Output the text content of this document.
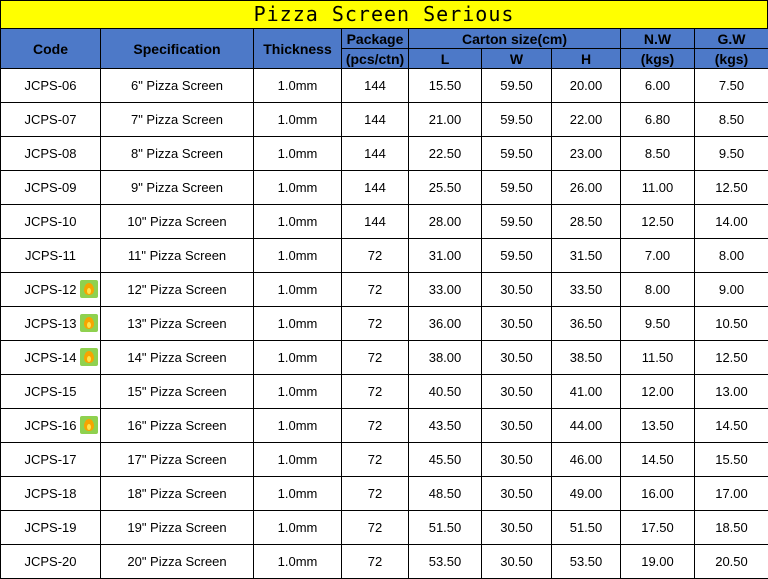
Pizza Screen Serious
Code	Specification	Thickness	Package	Carton size(cm)			N.W	G.W
			(pcs/ctn)	L	W	H	(kgs)	(kgs)
JCPS-06	6" Pizza Screen	1.0mm	144	15.50	59.50	20.00	6.00	7.50
JCPS-07	7" Pizza Screen	1.0mm	144	21.00	59.50	22.00	6.80	8.50
JCPS-08	8" Pizza Screen	1.0mm	144	22.50	59.50	23.00	8.50	9.50
JCPS-09	9" Pizza Screen	1.0mm	144	25.50	59.50	26.00	11.00	12.50
JCPS-10	10" Pizza Screen	1.0mm	144	28.00	59.50	28.50	12.50	14.00
JCPS-11	11" Pizza Screen	1.0mm	72	31.00	59.50	31.50	7.00	8.00
JCPS-12	12" Pizza Screen	1.0mm	72	33.00	30.50	33.50	8.00	9.00
JCPS-13	13" Pizza Screen	1.0mm	72	36.00	30.50	36.50	9.50	10.50
JCPS-14	14" Pizza Screen	1.0mm	72	38.00	30.50	38.50	11.50	12.50
JCPS-15	15" Pizza Screen	1.0mm	72	40.50	30.50	41.00	12.00	13.00
JCPS-16	16" Pizza Screen	1.0mm	72	43.50	30.50	44.00	13.50	14.50
JCPS-17	17" Pizza Screen	1.0mm	72	45.50	30.50	46.00	14.50	15.50
JCPS-18	18" Pizza Screen	1.0mm	72	48.50	30.50	49.00	16.00	17.00
JCPS-19	19" Pizza Screen	1.0mm	72	51.50	30.50	51.50	17.50	18.50
JCPS-20	20" Pizza Screen	1.0mm	72	53.50	30.50	53.50	19.00	20.50
